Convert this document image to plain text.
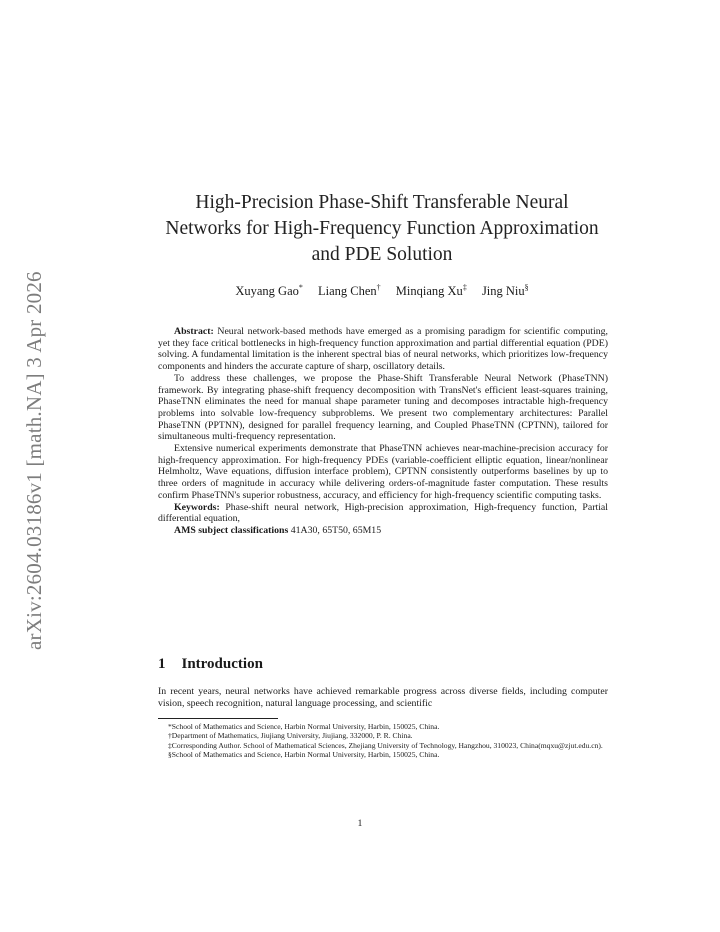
arXiv:2604.03186v1 [math.NA] 3 Apr 2026
High-Precision Phase-Shift Transferable Neural
Networks for High-Frequency Function Approximation
and PDE Solution
Xuyang Gao* Liang Chen† Minqiang Xu‡ Jing Niu§

Abstract: Neural network-based methods have emerged as a promising paradigm for scientific computing, yet they face critical bottlenecks in high-frequency function approximation and partial differential equation (PDE) solving. A fundamental limitation is the inherent spectral bias of neural networks, which prioritizes low-frequency components and hinders the accurate capture of sharp, oscillatory details.

To address these challenges, we propose the Phase-Shift Transferable Neural Network (PhaseTNN) framework. By integrating phase-shift frequency decomposition with TransNet's efficient least-squares training, PhaseTNN eliminates the need for manual shape parameter tuning and decomposes intractable high-frequency problems into solvable low-frequency subproblems. We present two complementary architectures: Parallel PhaseTNN (PPTNN), designed for parallel frequency learning, and Coupled PhaseTNN (CPTNN), tailored for simultaneous multi-frequency representation.

Extensive numerical experiments demonstrate that PhaseTNN achieves near-machine-precision accuracy for high-frequency approximation. For high-frequency PDEs (variable-coefficient elliptic equation, linear/nonlinear Helmholtz, Wave equations, diffusion interface problem), CPTNN consistently outperforms baselines by up to three orders of magnitude in accuracy while delivering orders-of-magnitude faster computation. These results confirm PhaseTNN's superior robustness, accuracy, and efficiency for high-frequency scientific computing tasks.

Keywords: Phase-shift neural network, High-precision approximation, High-frequency function, Partial differential equation,

AMS subject classifications 41A30, 65T50, 65M15

1 Introduction
In recent years, neural networks have achieved remarkable progress across diverse fields, including computer vision, speech recognition, natural language processing, and scientific

*School of Mathematics and Science, Harbin Normal University, Harbin, 150025, China.

†Department of Mathematics, Jiujiang University, Jiujiang, 332000, P. R. China.

‡Corresponding Author. School of Mathematical Sciences, Zhejiang University of Technology, Hangzhou, 310023, China(mqxu@zjut.edu.cn).

§School of Mathematics and Science, Harbin Normal University, Harbin, 150025, China.

1
